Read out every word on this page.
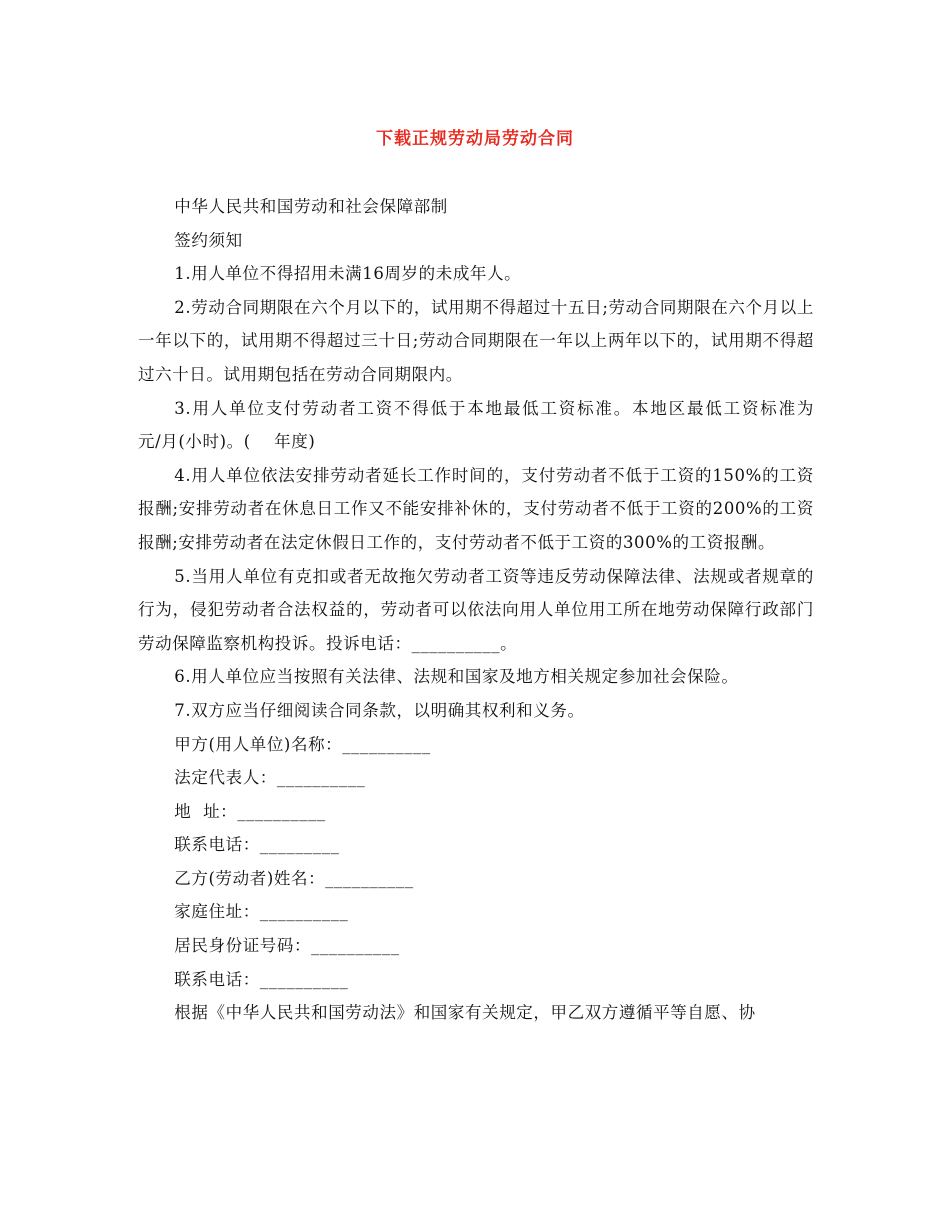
下载正规劳动局劳动合同

中华人民共和国劳动和社会保障部制

签约须知

1.用人单位不得招用未满16周岁的未成年人。

2.劳动合同期限在六个月以下的，试用期不得超过十五日;劳动合同期限在六个月以上一年以下的，试用期不得超过三十日;劳动合同期限在一年以上两年以下的，试用期不得超过六十日。试用期包括在劳动合同期限内。

3.用人单位支付劳动者工资不得低于本地最低工资标准。本地区最低工资标准为      元/月(小时)。(    年度)

4.用人单位依法安排劳动者延长工作时间的，支付劳动者不低于工资的150%的工资报酬;安排劳动者在休息日工作又不能安排补休的，支付劳动者不低于工资的200%的工资报酬;安排劳动者在法定休假日工作的，支付劳动者不低于工资的300%的工资报酬。

5.当用人单位有克扣或者无故拖欠劳动者工资等违反劳动保障法律、法规或者规章的行为，侵犯劳动者合法权益的，劳动者可以依法向用人单位用工所在地劳动保障行政部门劳动保障监察机构投诉。投诉电话：__________。

6.用人单位应当按照有关法律、法规和国家及地方相关规定参加社会保险。

7.双方应当仔细阅读合同条款，以明确其权利和义务。

甲方(用人单位)名称：__________

法定代表人：__________

地  址：__________

联系电话：_________

乙方(劳动者)姓名：__________

家庭住址：__________

居民身份证号码：__________

联系电话：__________

根据《中华人民共和国劳动法》和国家有关规定，甲乙双方遵循平等自愿、协
